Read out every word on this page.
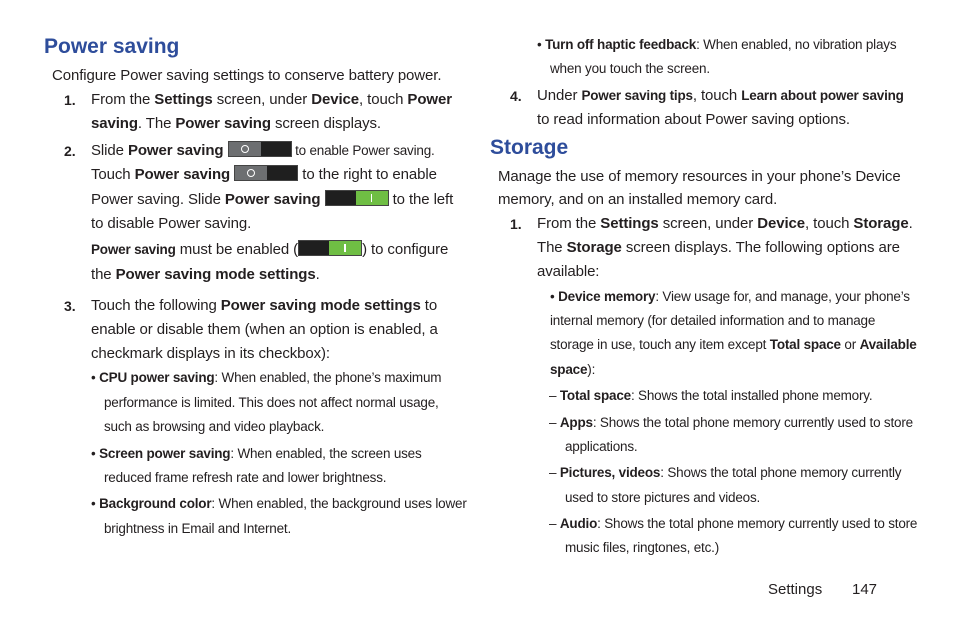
Power saving
Configure Power saving settings to conserve battery power.
1. From the Settings screen, under Device, touch Power
saving. The Power saving screen displays.
2. Slide Power saving	to enable Power saving.
Touch Power saving	to the right to enable
Power saving. Slide Power saving	to the left
to disable Power saving.
Power saving must be enabled (	) to configure
the Power saving mode settings.
3. Touch the following Power saving mode settings to
enable or disable them (when an option is enabled, a
checkmark displays in its checkbox):
• CPU power saving: When enabled, the phone’s maximum
performance is limited. This does not affect normal usage,
such as browsing and video playback.
• Screen power saving: When enabled, the screen uses
reduced frame refresh rate and lower brightness.
• Background color: When enabled, the background uses lower
brightness in Email and Internet.
• Turn off haptic feedback: When enabled, no vibration plays
when you touch the screen.
4. Under Power saving tips, touch Learn about power saving
to read information about Power saving options.
Storage
Manage the use of memory resources in your phone’s Device
memory, and on an installed memory card.
1. From the Settings screen, under Device, touch Storage.
The Storage screen displays. The following options are
available:
• Device memory: View usage for, and manage, your phone’s
internal memory (for detailed information and to manage
storage in use, touch any item except Total space or Available
space):
– Total space: Shows the total installed phone memory.
– Apps: Shows the total phone memory currently used to store
applications.
– Pictures, videos: Shows the total phone memory currently
used to store pictures and videos.
– Audio: Shows the total phone memory currently used to store
music files, ringtones, etc.)
Settings 147
